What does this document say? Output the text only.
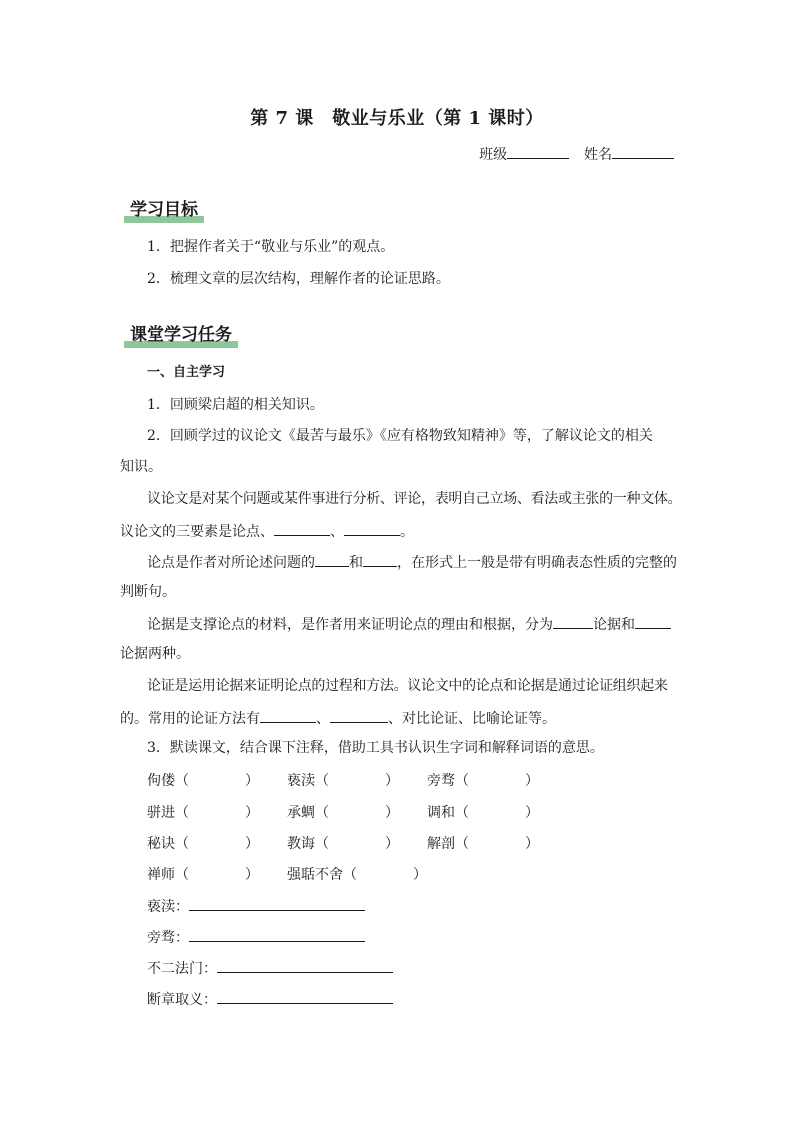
第 7 课　敬业与乐业（第 1 课时）
班级	姓名
学习目标
1．把握作者关于“敬业与乐业”的观点。
2．梳理文章的层次结构，理解作者的论证思路。
课堂学习任务
一、自主学习
1．回顾梁启超的相关知识。
2．回顾学过的议论文《最苦与最乐》《应有格物致知精神》等，了解议论文的相关
知识。
议论文是对某个问题或某件事进行分析、评论，表明自己立场、看法或主张的一种文体。
议论文的三要素是论点、	、	。
论点是作者对所论述问题的 和 ，在形式上一般是带有明确表态性质的完整的
判断句。
论据是支撑论点的材料，是作者用来证明论点的理由和根据，分为	论据和
论据两种。
论证是运用论据来证明论点的过程和方法。议论文中的论点和论据是通过论证组织起来
的。常用的论证方法有	、	、对比论证、比喻论证等。
3．默读课文，结合课下注释，借助工具书认识生字词和解释词语的意思。
佝偻（　　　　） 亵渎（　　　　） 旁骛（　　　　）
骈进（　　　　） 承蜩（　　　　） 调和（　　　　）
秘诀（　　　　） 教诲（　　　　） 解剖（　　　　）
禅师（　　　　） 强聒不舍（　　　　）
亵渎：
旁骛：
不二法门：
断章取义：
